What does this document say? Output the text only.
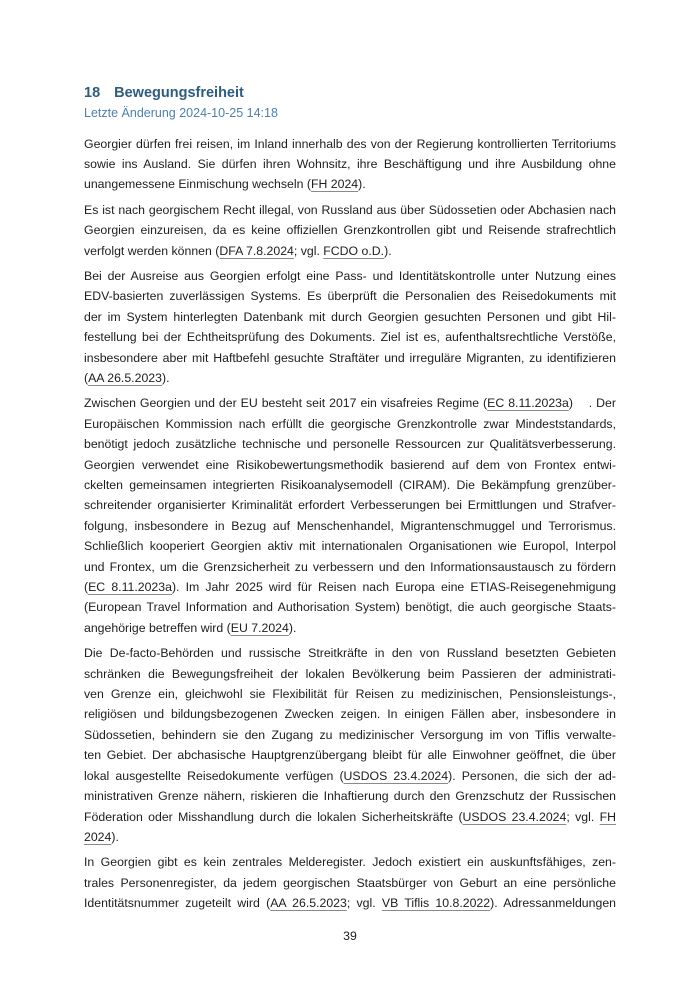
18 Bewegungsfreiheit
Letzte Änderung 2024-10-25 14:18
Georgier dürfen frei reisen, im Inland innerhalb des von der Regierung kontrollierten Territoriums
sowie ins Ausland. Sie dürfen ihren Wohnsitz, ihre Beschäftigung und ihre Ausbildung ohne
unangemessene Einmischung wechseln (FH 2024).
Es ist nach georgischem Recht illegal, von Russland aus über Südossetien oder Abchasien nach
Georgien einzureisen, da es keine offiziellen Grenzkontrollen gibt und Reisende strafrechtlich
verfolgt werden können (DFA 7.8.2024; vgl. FCDO o.D.).
Bei der Ausreise aus Georgien erfolgt eine Pass- und Identitätskontrolle unter Nutzung eines
EDV-basierten zuverlässigen Systems. Es überprüft die Personalien des Reisedokuments mit
der im System hinterlegten Datenbank mit durch Georgien gesuchten Personen und gibt Hil-
festellung bei der Echtheitsprüfung des Dokuments. Ziel ist es, aufenthaltsrechtliche Verstöße,
insbesondere aber mit Haftbefehl gesuchte Straftäter und irreguläre Migranten, zu identifizieren
(AA 26.5.2023).
Zwischen Georgien und der EU besteht seit 2017 ein visafreies Regime (EC 8.11.2023a)    . Der
Europäischen Kommission nach erfüllt die georgische Grenzkontrolle zwar Mindeststandards,
benötigt jedoch zusätzliche technische und personelle Ressourcen zur Qualitätsverbesserung.
Georgien verwendet eine Risikobewertungsmethodik basierend auf dem von Frontex entwi-
ckelten gemeinsamen integrierten Risikoanalysemodell (CIRAM). Die Bekämpfung grenzüber-
schreitender organisierter Kriminalität erfordert Verbesserungen bei Ermittlungen und Strafver-
folgung, insbesondere in Bezug auf Menschenhandel, Migrantenschmuggel und Terrorismus.
Schließlich kooperiert Georgien aktiv mit internationalen Organisationen wie Europol, Interpol
und Frontex, um die Grenzsicherheit zu verbessern und den Informationsaustausch zu fördern
(EC 8.11.2023a). Im Jahr 2025 wird für Reisen nach Europa eine ETIAS-Reisegenehmigung
(European Travel Information and Authorisation System) benötigt, die auch georgische Staats-
angehörige betreffen wird (EU 7.2024).
Die De-facto-Behörden und russische Streitkräfte in den von Russland besetzten Gebieten
schränken die Bewegungsfreiheit der lokalen Bevölkerung beim Passieren der administrati-
ven Grenze ein, gleichwohl sie Flexibilität für Reisen zu medizinischen, Pensionsleistungs-,
religiösen und bildungsbezogenen Zwecken zeigen. In einigen Fällen aber, insbesondere in
Südossetien, behindern sie den Zugang zu medizinischer Versorgung im von Tiflis verwalte-
ten Gebiet. Der abchasische Hauptgrenzübergang bleibt für alle Einwohner geöffnet, die über
lokal ausgestellte Reisedokumente verfügen (USDOS 23.4.2024). Personen, die sich der ad-
ministrativen Grenze nähern, riskieren die Inhaftierung durch den Grenzschutz der Russischen
Föderation oder Misshandlung durch die lokalen Sicherheitskräfte (USDOS 23.4.2024; vgl. FH
2024).
In Georgien gibt es kein zentrales Melderegister. Jedoch existiert ein auskunftsfähiges, zen-
trales Personenregister, da jedem georgischen Staatsbürger von Geburt an eine persönliche
Identitätsnummer zugeteilt wird (AA 26.5.2023; vgl. VB Tiflis 10.8.2022). Adressanmeldungen
39
